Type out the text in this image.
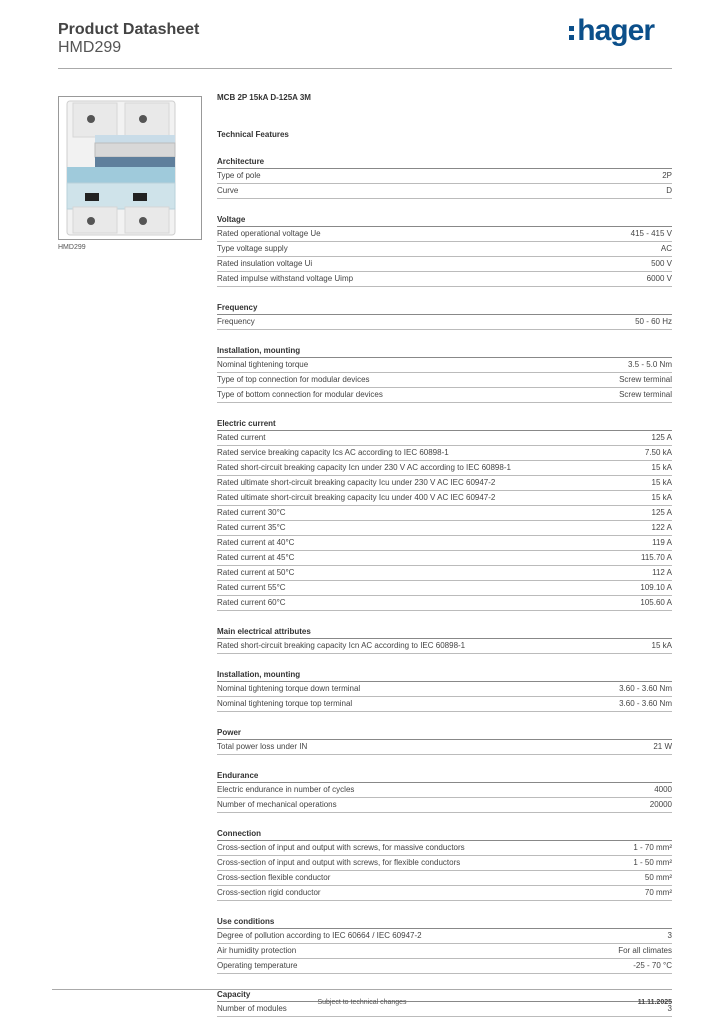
Product Datasheet
HMD299
hager
HMD299
MCB 2P 15kA D-125A 3M
Technical Features
Architecture
Type of pole	2P
Curve	D
Voltage
Rated operational voltage Ue	415 - 415 V
Type voltage supply	AC
Rated insulation voltage Ui	500 V
Rated impulse withstand voltage Uimp	6000 V
Frequency
Frequency	50 - 60 Hz
Installation, mounting
Nominal tightening torque	3.5 - 5.0 Nm
Type of top connection for modular devices	Screw terminal
Type of bottom connection for modular devices	Screw terminal
Electric current
Rated current	125 A
Rated service breaking capacity Ics AC according to IEC 60898-1	7.50 kA
Rated short-circuit breaking capacity Icn under 230 V AC according to IEC 60898-1	15 kA
Rated ultimate short-circuit breaking capacity Icu under 230 V AC IEC 60947-2	15 kA
Rated ultimate short-circuit breaking capacity Icu under 400 V AC IEC 60947-2	15 kA
Rated current 30°C	125 A
Rated current 35°C	122 A
Rated current at 40°C	119 A
Rated current at 45°C	115.70 A
Rated current at 50°C	112 A
Rated current 55°C	109.10 A
Rated current 60°C	105.60 A
Main electrical attributes
Rated short-circuit breaking capacity Icn AC according to IEC 60898-1	15 kA
Installation, mounting
Nominal tightening torque down terminal	3.60 - 3.60 Nm
Nominal tightening torque top terminal	3.60 - 3.60 Nm
Power
Total power loss under IN	21 W
Endurance
Electric endurance in number of cycles	4000
Number of mechanical operations	20000
Connection
Cross-section of input and output with screws, for massive conductors	1 - 70 mm²
Cross-section of input and output with screws, for flexible conductors	1 - 50 mm²
Cross-section flexible conductor	50 mm²
Cross-section rigid conductor	70 mm²
Use conditions
Degree of pollution according to IEC 60664 / IEC 60947-2	3
Air humidity protection	For all climates
Operating temperature	-25 - 70 °C
Capacity
Number of modules	3
Subject to technical changes	11.11.2025
